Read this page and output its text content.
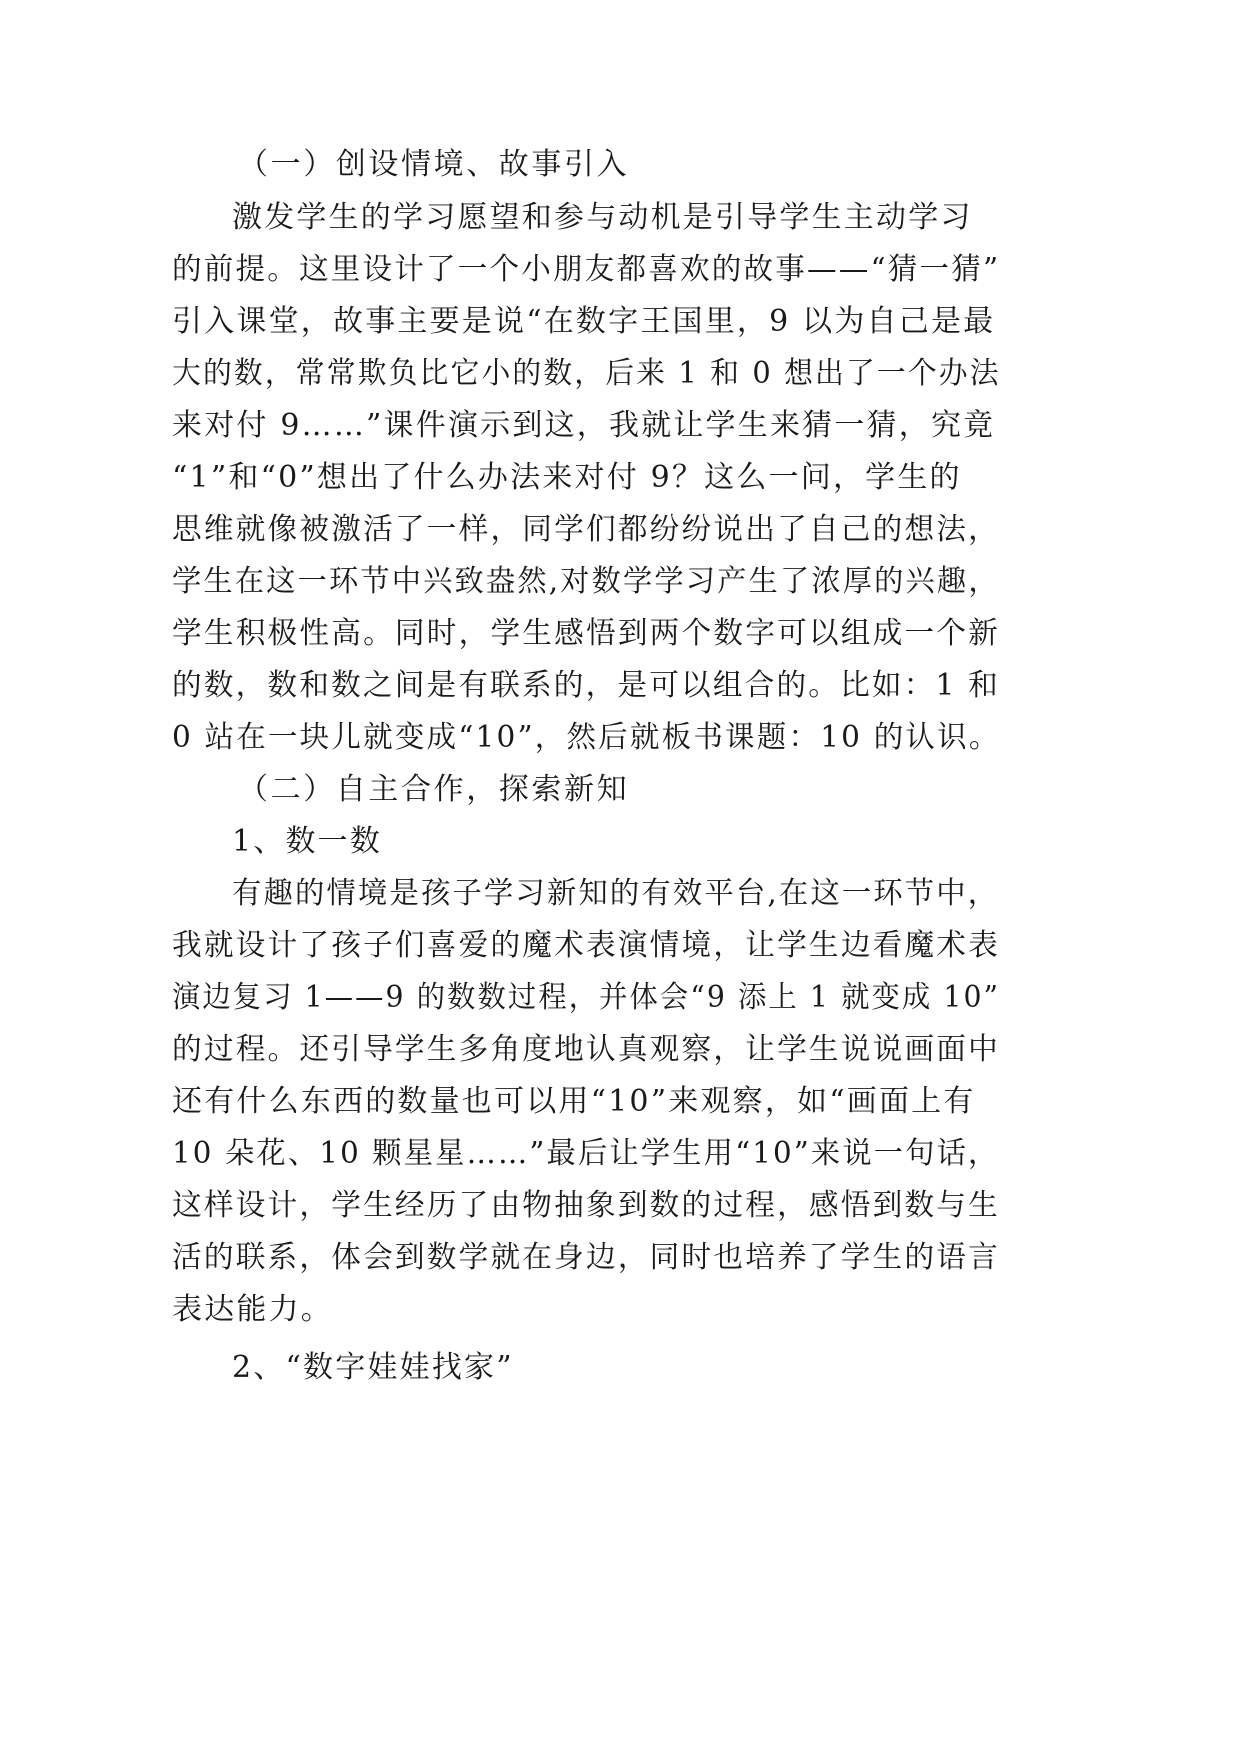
（一）创设情境、故事引入
激发学生的学习愿望和参与动机是引导学生主动学习
的前提。这里设计了一个小朋友都喜欢的故事——“猜一猜”
引入课堂，故事主要是说“在数字王国里，9 以为自己是最
大的数，常常欺负比它小的数，后来 1 和 0 想出了一个办法
来对付 9……”课件演示到这，我就让学生来猜一猜，究竟
“1”和“0”想出了什么办法来对付 9？这么一问，学生的
思维就像被激活了一样，同学们都纷纷说出了自己的想法，
学生在这一环节中兴致盎然,对数学学习产生了浓厚的兴趣，
学生积极性高。同时，学生感悟到两个数字可以组成一个新
的数，数和数之间是有联系的，是可以组合的。比如：1 和
0 站在一块儿就变成“10”，然后就板书课题：10 的认识。
（二）自主合作，探索新知
1、数一数
有趣的情境是孩子学习新知的有效平台,在这一环节中，
我就设计了孩子们喜爱的魔术表演情境，让学生边看魔术表
演边复习 1——9 的数数过程，并体会“9 添上 1 就变成 10”
的过程。还引导学生多角度地认真观察，让学生说说画面中
还有什么东西的数量也可以用“10”来观察，如“画面上有
10 朵花、10 颗星星……”最后让学生用“10”来说一句话，
这样设计，学生经历了由物抽象到数的过程，感悟到数与生
活的联系，体会到数学就在身边，同时也培养了学生的语言
表达能力。
2、“数字娃娃找家”
